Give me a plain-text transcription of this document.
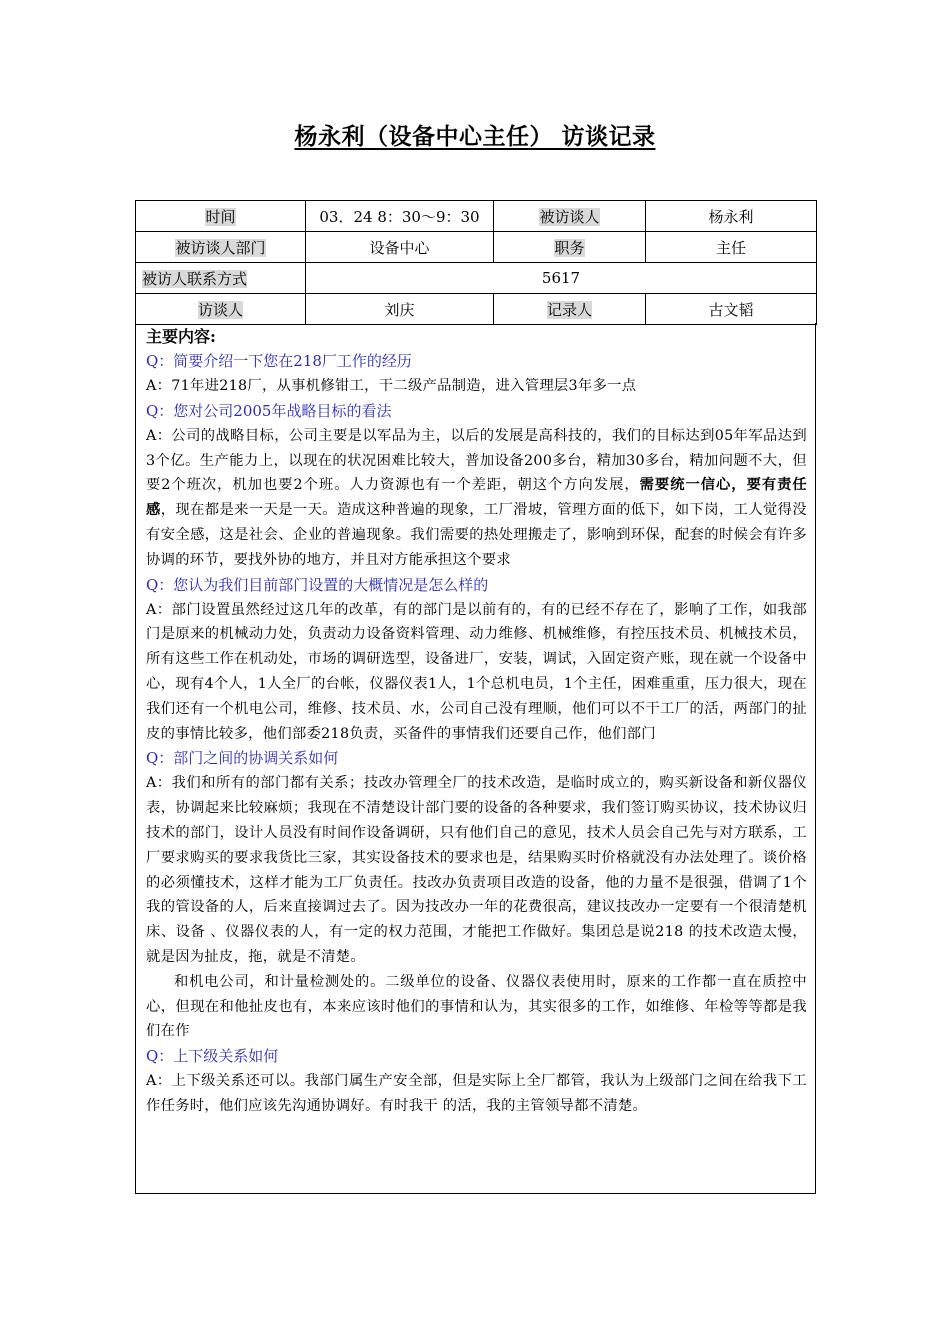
杨永利（设备中心主任） 访谈记录
时间	03．24 8：30～9：30	被访谈人	杨永利
被访谈人部门	设备中心	职务	主任
被访人联系方式	5617		
访谈人	刘庆	记录人	古文韬
主要内容:
Q：简要介绍一下您在218厂工作的经历
A：71年进218厂，从事机修钳工，干二级产品制造，进入管理层3年多一点
Q：您对公司2005年战略目标的看法
A：公司的战略目标，公司主要是以军品为主，以后的发展是高科技的，我们的目标达到05年军品达到3个亿。生产能力上，以现在的状况困难比较大，普加设备200多台，精加30多台，精加问题不大，但要2个班次，机加也要2个班。人力资源也有一个差距，朝这个方向发展，需要统一信心，要有责任感，现在都是来一天是一天。造成这种普遍的现象，工厂滑坡，管理方面的低下，如下岗，工人觉得没有安全感，这是社会、企业的普遍现象。我们需要的热处理搬走了，影响到环保，配套的时候会有许多协调的环节，要找外协的地方，并且对方能承担这个要求
Q：您认为我们目前部门设置的大概情况是怎么样的
A：部门设置虽然经过这几年的改革，有的部门是以前有的，有的已经不存在了，影响了工作，如我部门是原来的机械动力处，负责动力设备资料管理、动力维修、机械维修，有控压技术员、机械技术员，所有这些工作在机动处，市场的调研选型，设备进厂，安装，调试，入固定资产账，现在就一个设备中心，现有4个人，1人全厂的台帐，仪器仪表1人，1个总机电员，1个主任，困难重重，压力很大，现在我们还有一个机电公司，维修、技术员、水，公司自己没有理顺，他们可以不干工厂的活，两部门的扯皮的事情比较多，他们部委218负责，买备件的事情我们还要自己作，他们部门
Q：部门之间的协调关系如何
A：我们和所有的部门都有关系；技改办管理全厂的技术改造，是临时成立的，购买新设备和新仪器仪表，协调起来比较麻烦；我现在不清楚设计部门要的设备的各种要求，我们签订购买协议，技术协议归技术的部门，设计人员没有时间作设备调研，只有他们自己的意见，技术人员会自己先与对方联系，工厂要求购买的要求我货比三家，其实设备技术的要求也是，结果购买时价格就没有办法处理了。谈价格的必须懂技术，这样才能为工厂负责任。技改办负责项目改造的设备，他的力量不是很强，借调了1个我的管设备的人，后来直接调过去了。因为技改办一年的花费很高，建议技改办一定要有一个很清楚机床、设备 、仪器仪表的人，有一定的权力范围，才能把工作做好。集团总是说218 的技术改造太慢，就是因为扯皮，拖，就是不清楚。
和机电公司，和计量检测处的。二级单位的设备、仪器仪表使用时，原来的工作都一直在质控中心，但现在和他扯皮也有，本来应该时他们的事情和认为，其实很多的工作，如维修、年检等等都是我们在作
Q：上下级关系如何
A：上下级关系还可以。我部门属生产安全部，但是实际上全厂都管，我认为上级部门之间在给我下工作任务时，他们应该先沟通协调好。有时我干 的活，我的主管领导都不清楚。
